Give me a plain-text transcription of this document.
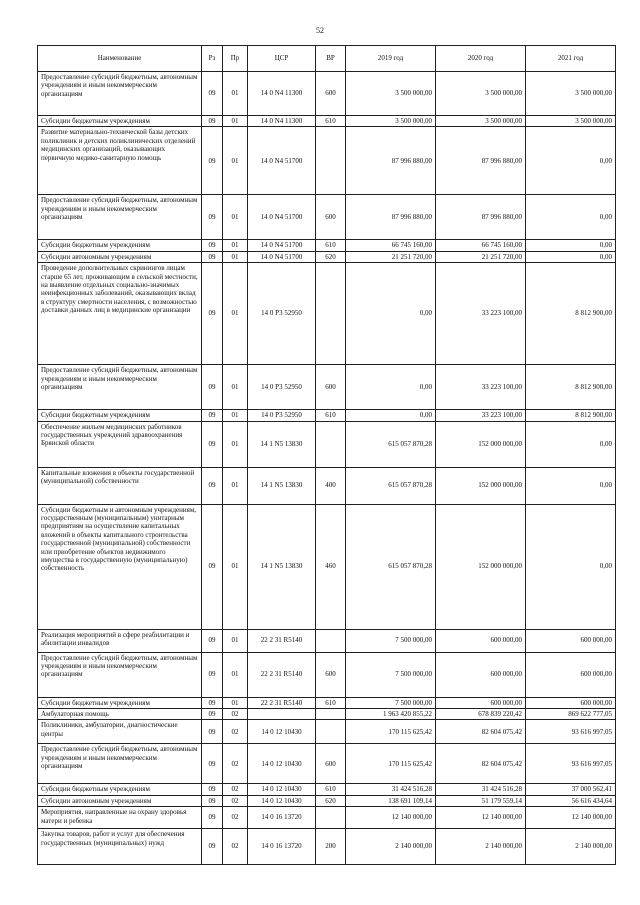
52
Наименование	Рз	Пр	ЦСР	ВР	2019 год	2020 год	2021 год
Предоставление субсидий бюджетным, автономным учреждениям и иным некоммерческим организациям	09	01	14 0 N4 11300	600	3 500 000,00	3 500 000,00	3 500 000,00
Субсидии бюджетным учреждениям	09	01	14 0 N4 11300	610	3 500 000,00	3 500 000,00	3 500 000,00
Развитие материально-технической базы детских поликлиник и детских поликлинических отделений медицинских организаций, оказывающих первичную медико-санитарную помощь	09	01	14 0 N4 51700		87 996 880,00	87 996 880,00	0,00
Предоставление субсидий бюджетным, автономным учреждениям и иным некоммерческим организациям	09	01	14 0 N4 51700	600	87 996 880,00	87 996 880,00	0,00
Субсидии бюджетным учреждениям	09	01	14 0 N4 51700	610	66 745 160,00	66 745 160,00	0,00
Субсидии автономным учреждениям	09	01	14 0 N4 51700	620	21 251 720,00	21 251 720,00	0,00
Проведение дополнительных скринингов лицам старше 65 лет, проживающим в сельской местности, на выявление отдельных социально-значимых неинфекционных заболеваний, оказывающих вклад в структуру смертности населения, с возможностью доставки данных лиц в медицинские организации	09	01	14 0 P3 52950		0,00	33 223 100,00	8 812 900,00
Предоставление субсидий бюджетным, автономным учреждениям и иным некоммерческим организациям	09	01	14 0 P3 52950	600	0,00	33 223 100,00	8 812 900,00
Субсидии бюджетным учреждениям	09	01	14 0 P3 52950	610	0,00	33 223 100,00	8 812 900,00
Обеспечение жильем медицинских работников государственных учреждений здравоохранения Брянской области	09	01	14 1 N5 13830		615 057 870,28	152 000 000,00	0,00
Капитальные вложения в объекты государственной (муниципальной) собственности	09	01	14 1 N5 13830	400	615 057 870,28	152 000 000,00	0,00
Субсидии бюджетным и автономным учреждениям, государственным (муниципальным) унитарным предприятиям на осуществление капитальных вложений в объекты капитального строительства государственной (муниципальной) собственности или приобретение объектов недвижимого имущества в государственную (муниципальную) собственность	09	01	14 1 N5 13830	460	615 057 870,28	152 000 000,00	0,00
Реализация мероприятий в сфере реабилитации и абилитации инвалидов	09	01	22 2 31 R5140		7 500 000,00	600 000,00	600 000,00
Предоставление субсидий бюджетным, автономным учреждениям и иным некоммерческим организациям	09	01	22 2 31 R5140	600	7 500 000,00	600 000,00	600 000,00
Субсидии бюджетным учреждениям	09	01	22 2 31 R5140	610	7 500 000,00	600 000,00	600 000,00
Амбулаторная помощь	09	02			1 963 420 855,22	678 839 220,42	869 622 777,05
Поликлиники, амбулатории, диагностические центры	09	02	14 0 12 10430		170 115 625,42	82 604 075,42	93 616 997,05
Предоставление субсидий бюджетным, автономным учреждениям и иным некоммерческим организациям	09	02	14 0 12 10430	600	170 115 625,42	82 604 075,42	93 616 997,05
Субсидии бюджетным учреждениям	09	02	14 0 12 10430	610	31 424 516,28	31 424 516,28	37 000 562,41
Субсидии автономным учреждениям	09	02	14 0 12 10430	620	138 691 109,14	51 179 559,14	56 616 434,64
Мероприятия, направленные на охрану здоровья матери и ребенка	09	02	14 0 16 13720		12 140 000,00	12 140 000,00	12 140 000,00
Закупка товаров, работ и услуг для обеспечения государственных (муниципальных) нужд	09	02	14 0 16 13720	200	2 140 000,00	2 140 000,00	2 140 000,00
